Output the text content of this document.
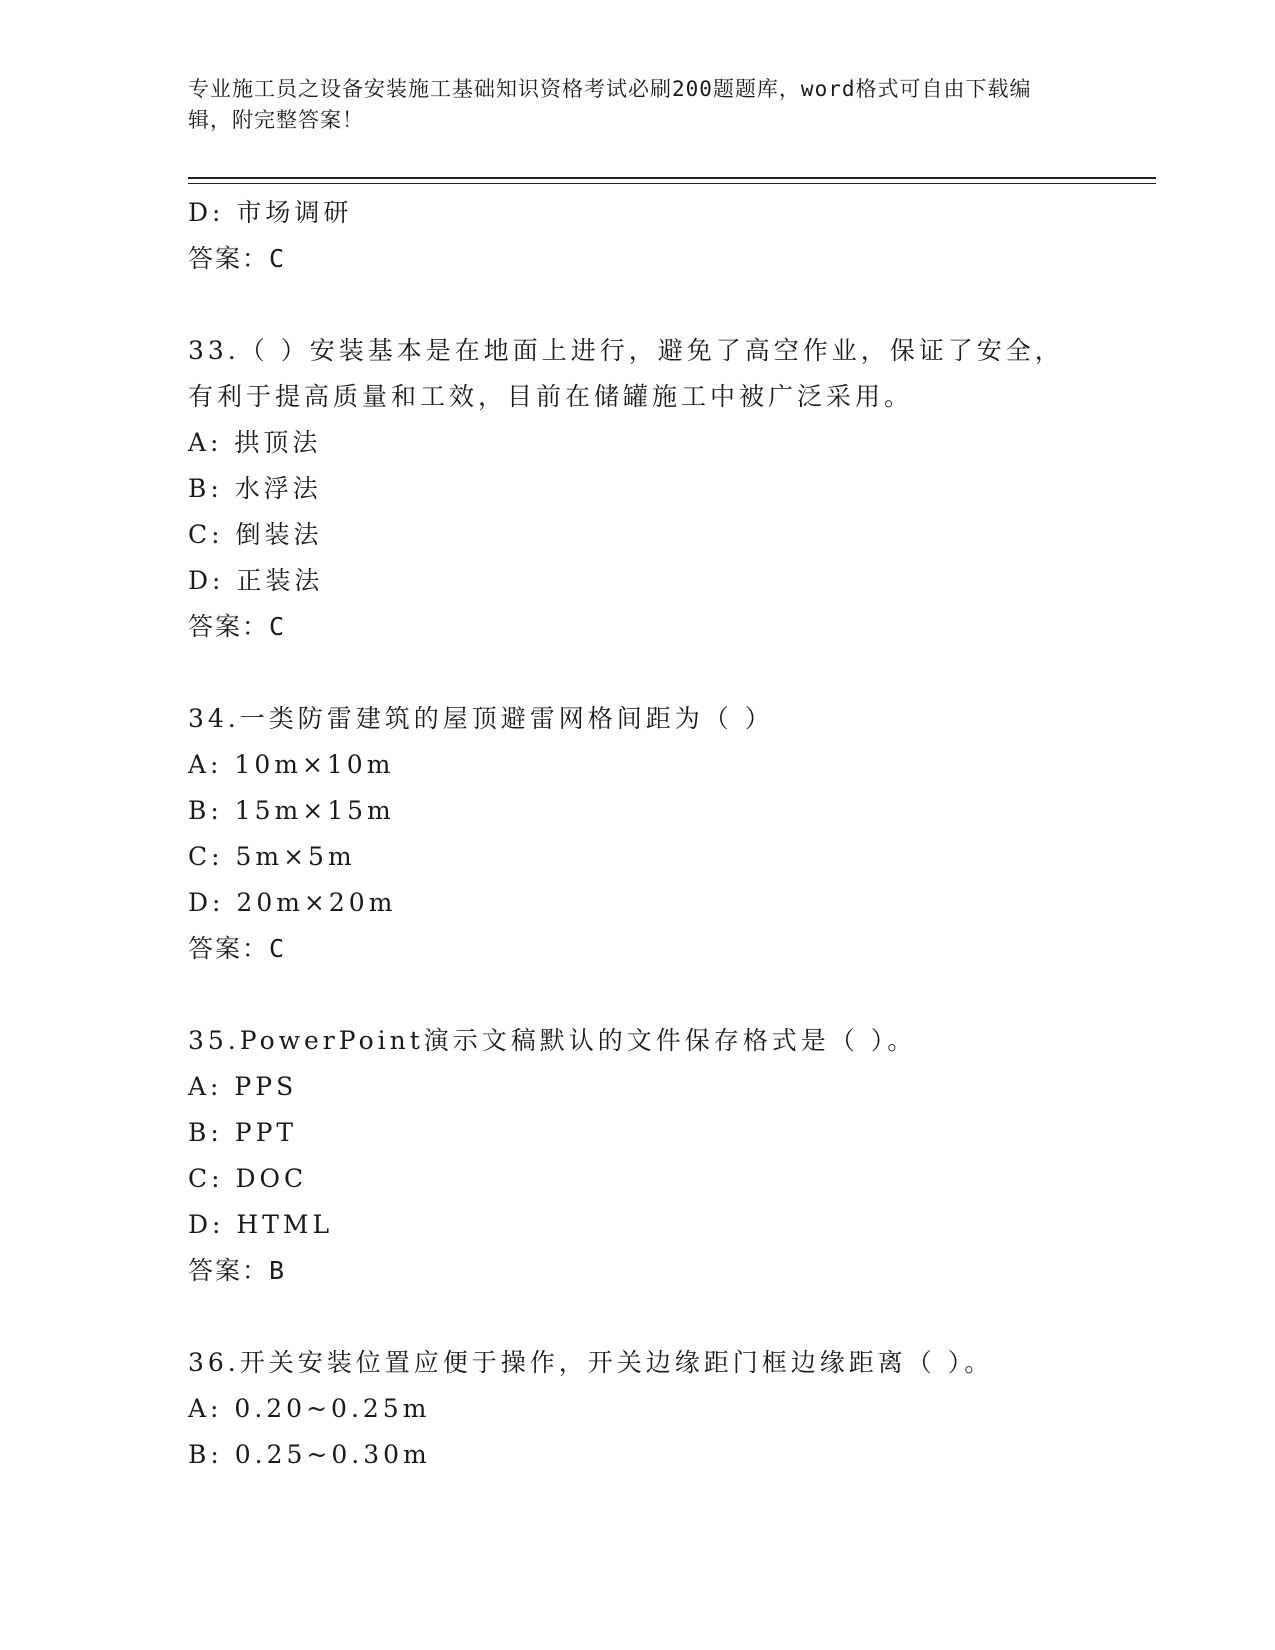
专业施工员之设备安装施工基础知识资格考试必刷200题题库，word格式可自由下载编辑，附完整答案！
D: 市场调研
答案：C
33.（ ）安装基本是在地面上进行，避免了高空作业，保证了安全，
有利于提高质量和工效，目前在储罐施工中被广泛采用。
A: 拱顶法
B: 水浮法
C: 倒装法
D: 正装法
答案：C
34.一类防雷建筑的屋顶避雷网格间距为（ ）
A: 10m×10m
B: 15m×15m
C: 5m×5m
D: 20m×20m
答案：C
35.PowerPoint演示文稿默认的文件保存格式是（ ）。
A: PPS
B: PPT
C: DOC
D: HTML
答案：B
36.开关安装位置应便于操作，开关边缘距门框边缘距离（ ）。
A: 0.20~0.25m
B: 0.25~0.30m
